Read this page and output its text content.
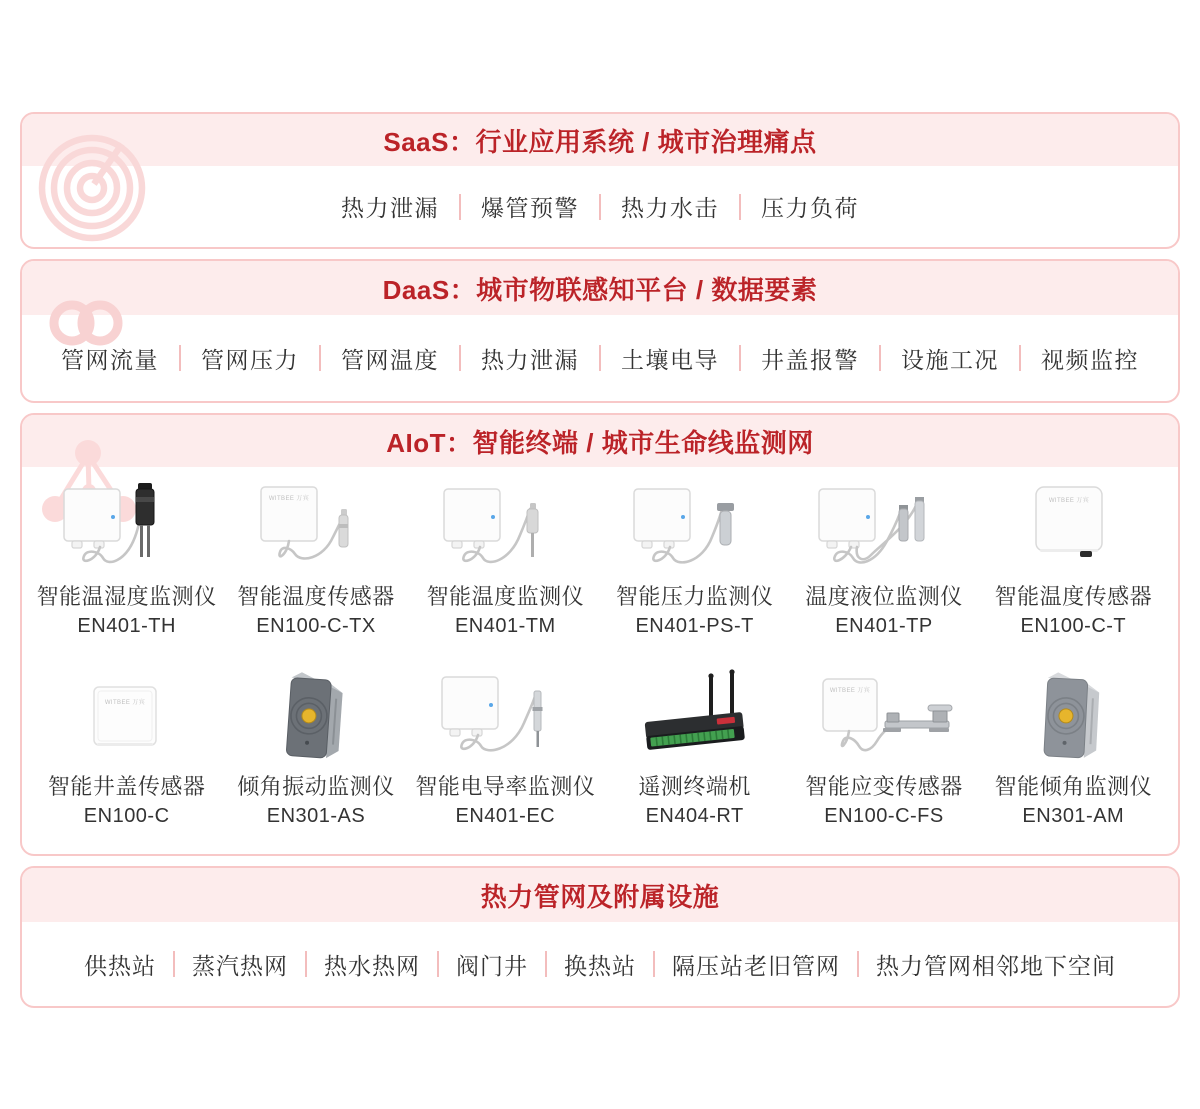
SaaS：行业应用系统 / 城市治理痛点
热力泄漏	爆管预警	热力水击	压力负荷
DaaS：城市物联感知平台 / 数据要素
管网流量	管网压力	管网温度	热力泄漏	土壤电导	井盖报警	设施工况	视频监控
AIoT：智能终端 / 城市生命线监测网
智能温湿度监测仪
EN401-TH
WITBEE 万宾
智能温度传感器
EN100-C-TX
智能温度监测仪
EN401-TM
智能压力监测仪
EN401-PS-T
温度液位监测仪
EN401-TP
WITBEE 万宾
智能温度传感器
EN100-C-T
WITBEE 万宾
智能井盖传感器
EN100-C
倾角振动监测仪
EN301-AS
智能电导率监测仪
EN401-EC
遥测终端机
EN404-RT
WITBEE 万宾
智能应变传感器
EN100-C-FS
智能倾角监测仪
EN301-AM
热力管网及附属设施
供热站	蒸汽热网	热水热网	阀门井	换热站	隔压站老旧管网	热力管网相邻地下空间
